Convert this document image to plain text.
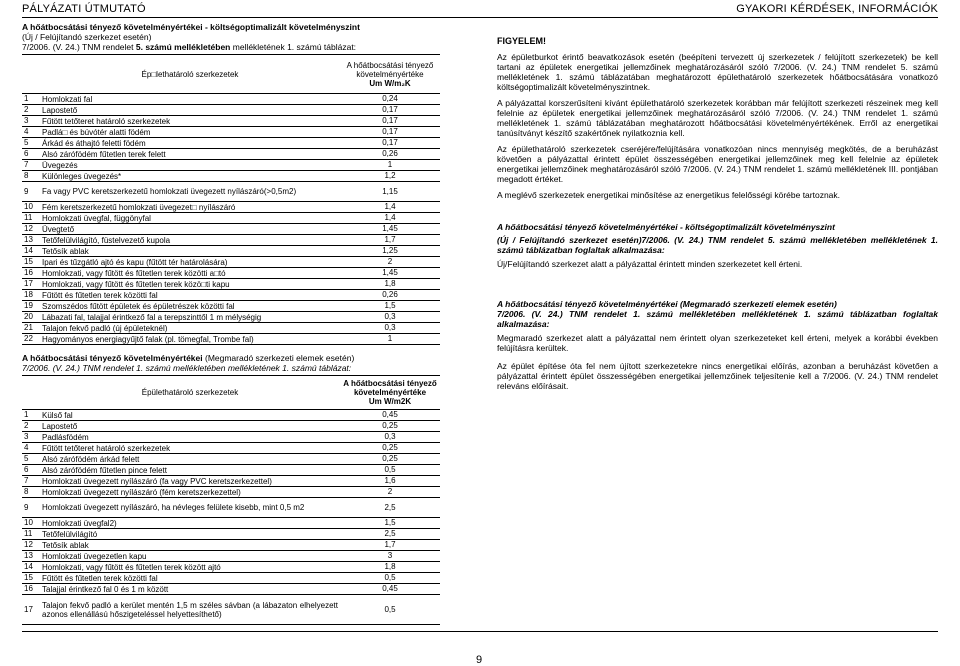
PÁLYÁZATI ÚTMUTATÓ	GYAKORI KÉRDÉSEK, INFORMÁCIÓK

A hőátbocsátási tényező követelményértékei - költségoptimalizált követelményszint

(Új / Felújítandó szerkezet esetén)

7/2006. (V. 24.) TNM rendelet 5. számú mellékletében mellékletének 1. számú táblázat:

	Ép□lethatároló szerkezetek	A hőátbocsátási tényező
követelményértéke
Um W/m₂K

1	Homlokzati fal	0,24
2	Lapostető	0,17
3	Fűtött tetőteret határoló szerkezetek	0,17
4	Padlá□ és búvótér alatti födém	0,17
5	Árkád és áthajtó feletti födém	0,17
6	Alsó zárófödém fűtetlen terek felett	0,26
7	Üvegezés	1
8	Különleges üvegezés*	1,2
9	Fa vagy PVC keretszerkezetű homlokzati üvegezett nyílászáró(>0,5m2)	1,15
10	Fém keretszerkezetű homlokzati üvegezet□ nyílászáró	1,4
11	Homlokzati üvegfal, függönyfal	1,4
12	Üvegtető	1,45
13	Tetőfelülvilágító, füstelvezető kupola	1,7
14	Tetősík ablak	1,25
15	Ipari és tűzgátló ajtó és kapu (fűtött tér határolására)	2
16	Homlokzati, vagy fűtött és fűtetlen terek közötti a□tó	1,45
17	Homlokzati, vagy fűtött és fűtetlen terek közö□ti kapu	1,8
18	Fűtött és fűtetlen terek közötti fal	0,26
19	Szomszédos fűtött épületek és épületrészek közötti fal	1,5
20	Lábazati fal, talajjal érintkező fal a terepszinttől 1 m mélységig	0,3
21	Talajon fekvő padló (új épületeknél)	0,3
22	Hagyományos energiagyűjtő falak (pl. tömegfal, Trombe fal)	1

A hőátbocsátási tényező követelményértékei (Megmaradó szerkezeti elemek esetén)

7/2006. (V. 24.) TNM rendelet 1. számú mellékletében mellékletének 1. számú táblázat:

	Épülethatároló szerkezetek	A hőátbocsátási tényező
követelményértéke
Um W/m2K

1	Külső fal	0,45
2	Lapostető	0,25
3	Padlásfödém	0,3
4	Fűtött tetőteret határoló szerkezetek	0,25
5	Alsó zárófödém árkád felett	0,25
6	Alsó zárófödém fűtetlen pince felett	0,5
7	Homlokzati üvegezett nyílászáró (fa vagy PVC keretszerkezettel)	1,6
8	Homlokzati üvegezett nyílászáró (fém keretszerkezettel)	2
9	Homlokzati üvegezett nyílászáró, ha névleges felülete kisebb, mint 0,5 m2	2,5
10	Homlokzati üvegfal2)	1,5
11	Tetőfelülvilágító	2,5
12	Tetősík ablak	1,7
13	Homlokzati üvegezetlen kapu	3
14	Homlokzati, vagy fűtött és fűtetlen terek között ajtó	1,8
15	Fűtött és fűtetlen terek közötti fal	0,5
16	Talajjal érintkező fal 0 és 1 m között	0,45
17	Talajon fekvő padló a kerület mentén 1,5 m széles sávban (a lábazaton elhelyezett azonos ellenállású hőszigeteléssel helyettesíthető)	0,5

FIGYELEM!

Az épületburkot érintő beavatkozások esetén (beépíteni tervezett új szerkezetek / felújított szerkezetek) be kell tartani az épületek energetikai jellemzőinek meghatározásáról szóló 7/2006. (V. 24.) TNM rendelet 5. számú mellékletének 1. számú táblázatában meghatározott épülethatároló szerkezetek hőátbocsátására vonatkozó költségoptimalizált követelményszintnek.

A pályázattal korszerűsíteni kívánt épülethatároló szerkezetek korábban már felújított szerkezeti részeinek meg kell felelnie az épületek energetikai jellemzőinek meghatározásáról szóló 7/2006. (V. 24.) TNM rendelet 1. számú mellékletének 1. számú táblázatában meghatározott hőátbocsátási követelményértékének. Erről az energetikai tanúsítványt készítő szakértőnek nyilatkoznia kell.

Az épülethatároló szerkezetek cseréjére/felújítására vonatkozóan nincs mennyiség megkötés, de a beruházást követően a pályázattal érintett épület összességében energetikai jellemzőinek meg kell felelnie az épületek energetikai jellemzőinek meghatározásáról szóló 7/2006. (V. 24.) TNM rendelet 1. számú mellékletének III. pontjában megadott értéket.

A meglévő szerkezetek energetikai minősítése az energetikus felelősségi körébe tartoznak.

A hőátbocsátási tényező követelményértékei - költségoptimalizált követelményszint

(Új / Felújítandó szerkezet esetén)7/2006. (V. 24.) TNM rendelet 5. számú mellékletében mellékletének 1. számú táblázatban foglaltak alkalmazása:

Új/Felújítandó szerkezet alatt a pályázattal érintett minden szerkezetet kell érteni.

A hőátbocsátási tényező követelményértékei (Megmaradó szerkezeti elemek esetén)

7/2006. (V. 24.) TNM rendelet 1. számú mellékletében mellékletének 1. számú táblázatban foglaltak alkalmazása:

Megmaradó szerkezet alatt a pályázattal nem érintett olyan szerkezeteket kell érteni, melyek a korábbi években felújításra kerültek.

Az épület építése óta fel nem újított szerkezetekre nincs energetikai előírás, azonban a beruházást követően a pályázattal érintett épület összességében energetikai jellemzőinek teljesítenie kell a 7/2006. (V. 24.) TNM rendelet releváns előírásait.

9
